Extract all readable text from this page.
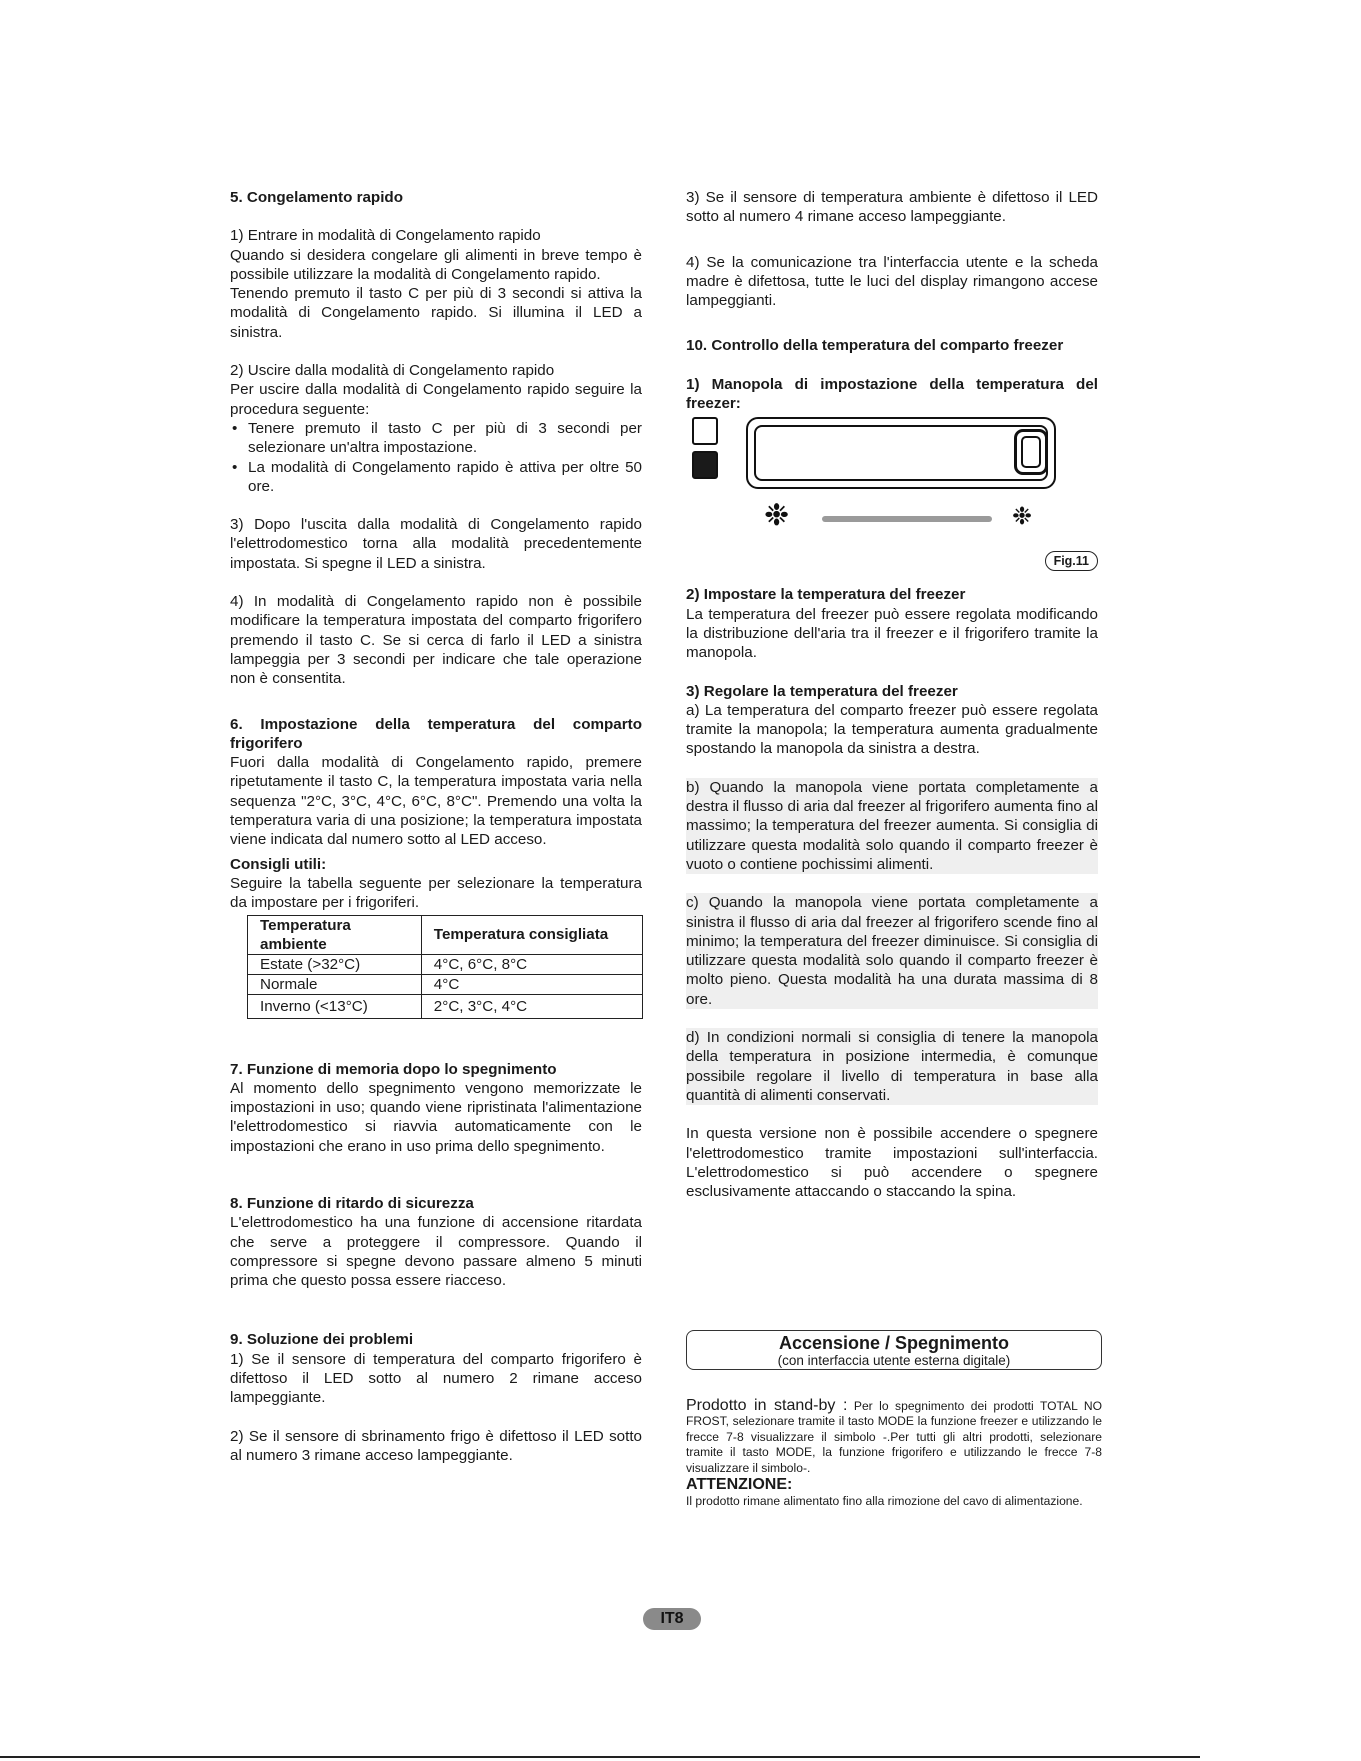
5. Congelamento rapido

1) Entrare in modalità di Congelamento rapido

Quando si desidera congelare gli alimenti in breve tempo è possibile utilizzare la modalità di Congelamento rapido.

Tenendo premuto il tasto C per più di 3 secondi si attiva la modalità di Congelamento rapido. Si illumina il LED a sinistra.

2) Uscire dalla modalità di Congelamento rapido

Per uscire dalla modalità di Congelamento rapido seguire la procedura seguente:

• Tenere premuto il tasto C per più di 3 secondi per selezionare un'altra impostazione.
• La modalità di Congelamento rapido è attiva per oltre 50 ore.

3) Dopo l'uscita dalla modalità di Congelamento rapido l'elettrodomestico torna alla modalità precedentemente impostata. Si spegne il LED a sinistra.

4) In modalità di Congelamento rapido non è possibile modificare la temperatura impostata del comparto frigorifero premendo il tasto C. Se si cerca di farlo il LED a sinistra lampeggia per 3 secondi per indicare che tale operazione non è consentita.

6. Impostazione della temperatura del comparto frigorifero

Fuori dalla modalità di Congelamento rapido, premere ripetutamente il tasto C, la temperatura impostata varia nella sequenza "2°C, 3°C, 4°C, 6°C, 8°C". Premendo una volta la temperatura varia di una posizione; la temperatura impostata viene indicata dal numero sotto al LED acceso.

Consigli utili:

Seguire la tabella seguente per selezionare la temperatura da impostare per i frigoriferi.

Temperatura ambiente	Temperatura consigliata
Estate (>32°C)	4°C, 6°C, 8°C
Normale	4°C
Inverno (<13°C)	2°C, 3°C, 4°C

7. Funzione di memoria dopo lo spegnimento

Al momento dello spegnimento vengono memorizzate le impostazioni in uso; quando viene ripristinata l'alimentazione l'elettrodomestico si riavvia automaticamente con le impostazioni che erano in uso prima dello spegnimento.

8. Funzione di ritardo di sicurezza

L'elettrodomestico ha una funzione di accensione ritardata che serve a proteggere il compressore. Quando il compressore si spegne devono passare almeno 5 minuti prima che questo possa essere riacceso.

9. Soluzione dei problemi

1) Se il sensore di temperatura del comparto frigorifero è difettoso il LED sotto al numero 2 rimane acceso lampeggiante.

2) Se il sensore di sbrinamento frigo è difettoso il LED sotto al numero 3 rimane acceso lampeggiante.

3) Se il sensore di temperatura ambiente è difettoso il LED sotto al numero 4 rimane acceso lampeggiante.

4) Se la comunicazione tra l'interfaccia utente e la scheda madre è difettosa, tutte le luci del display rimangono accese lampeggianti.

10. Controllo della temperatura del comparto freezer

1) Manopola di impostazione della temperatura del freezer:

❉	❉
Fig.11

2) Impostare la temperatura del freezer

La temperatura del freezer può essere regolata modificando la distribuzione dell'aria tra il freezer e il frigorifero tramite la manopola.

3) Regolare la temperatura del freezer

a) La temperatura del comparto freezer può essere regolata tramite la manopola; la temperatura aumenta gradualmente spostando la manopola da sinistra a destra.

b) Quando la manopola viene portata completamente a destra il flusso di aria dal freezer al frigorifero aumenta fino al massimo; la temperatura del freezer aumenta. Si consiglia di utilizzare questa modalità solo quando il comparto freezer è vuoto o contiene pochissimi alimenti.

c) Quando la manopola viene portata completamente a sinistra il flusso di aria dal freezer al frigorifero scende fino al minimo; la temperatura del freezer diminuisce. Si consiglia di utilizzare questa modalità solo quando il comparto freezer è molto pieno. Questa modalità ha una durata massima di 8 ore.

d) In condizioni normali si consiglia di tenere la manopola della temperatura in posizione intermedia, è comunque possibile regolare il livello di temperatura in base alla quantità di alimenti conservati.

In questa versione non è possibile accendere o spegnere l'elettrodomestico tramite impostazioni sull'interfaccia. L'elettrodomestico si può accendere o spegnere esclusivamente attaccando o staccando la spina.

Accensione / Spegnimento
(con interfaccia utente esterna digitale)

Prodotto in stand-by : Per lo spegnimento dei prodotti TOTAL NO FROST, selezionare tramite il tasto MODE la funzione freezer e utilizzando le frecce 7-8 visualizzare il simbolo -.Per tutti gli altri prodotti, selezionare tramite il tasto MODE, la funzione frigorifero e utilizzando le frecce 7-8 visualizzare il simbolo-.

ATTENZIONE:

Il prodotto rimane alimentato fino alla rimozione del cavo di alimentazione.

IT8
